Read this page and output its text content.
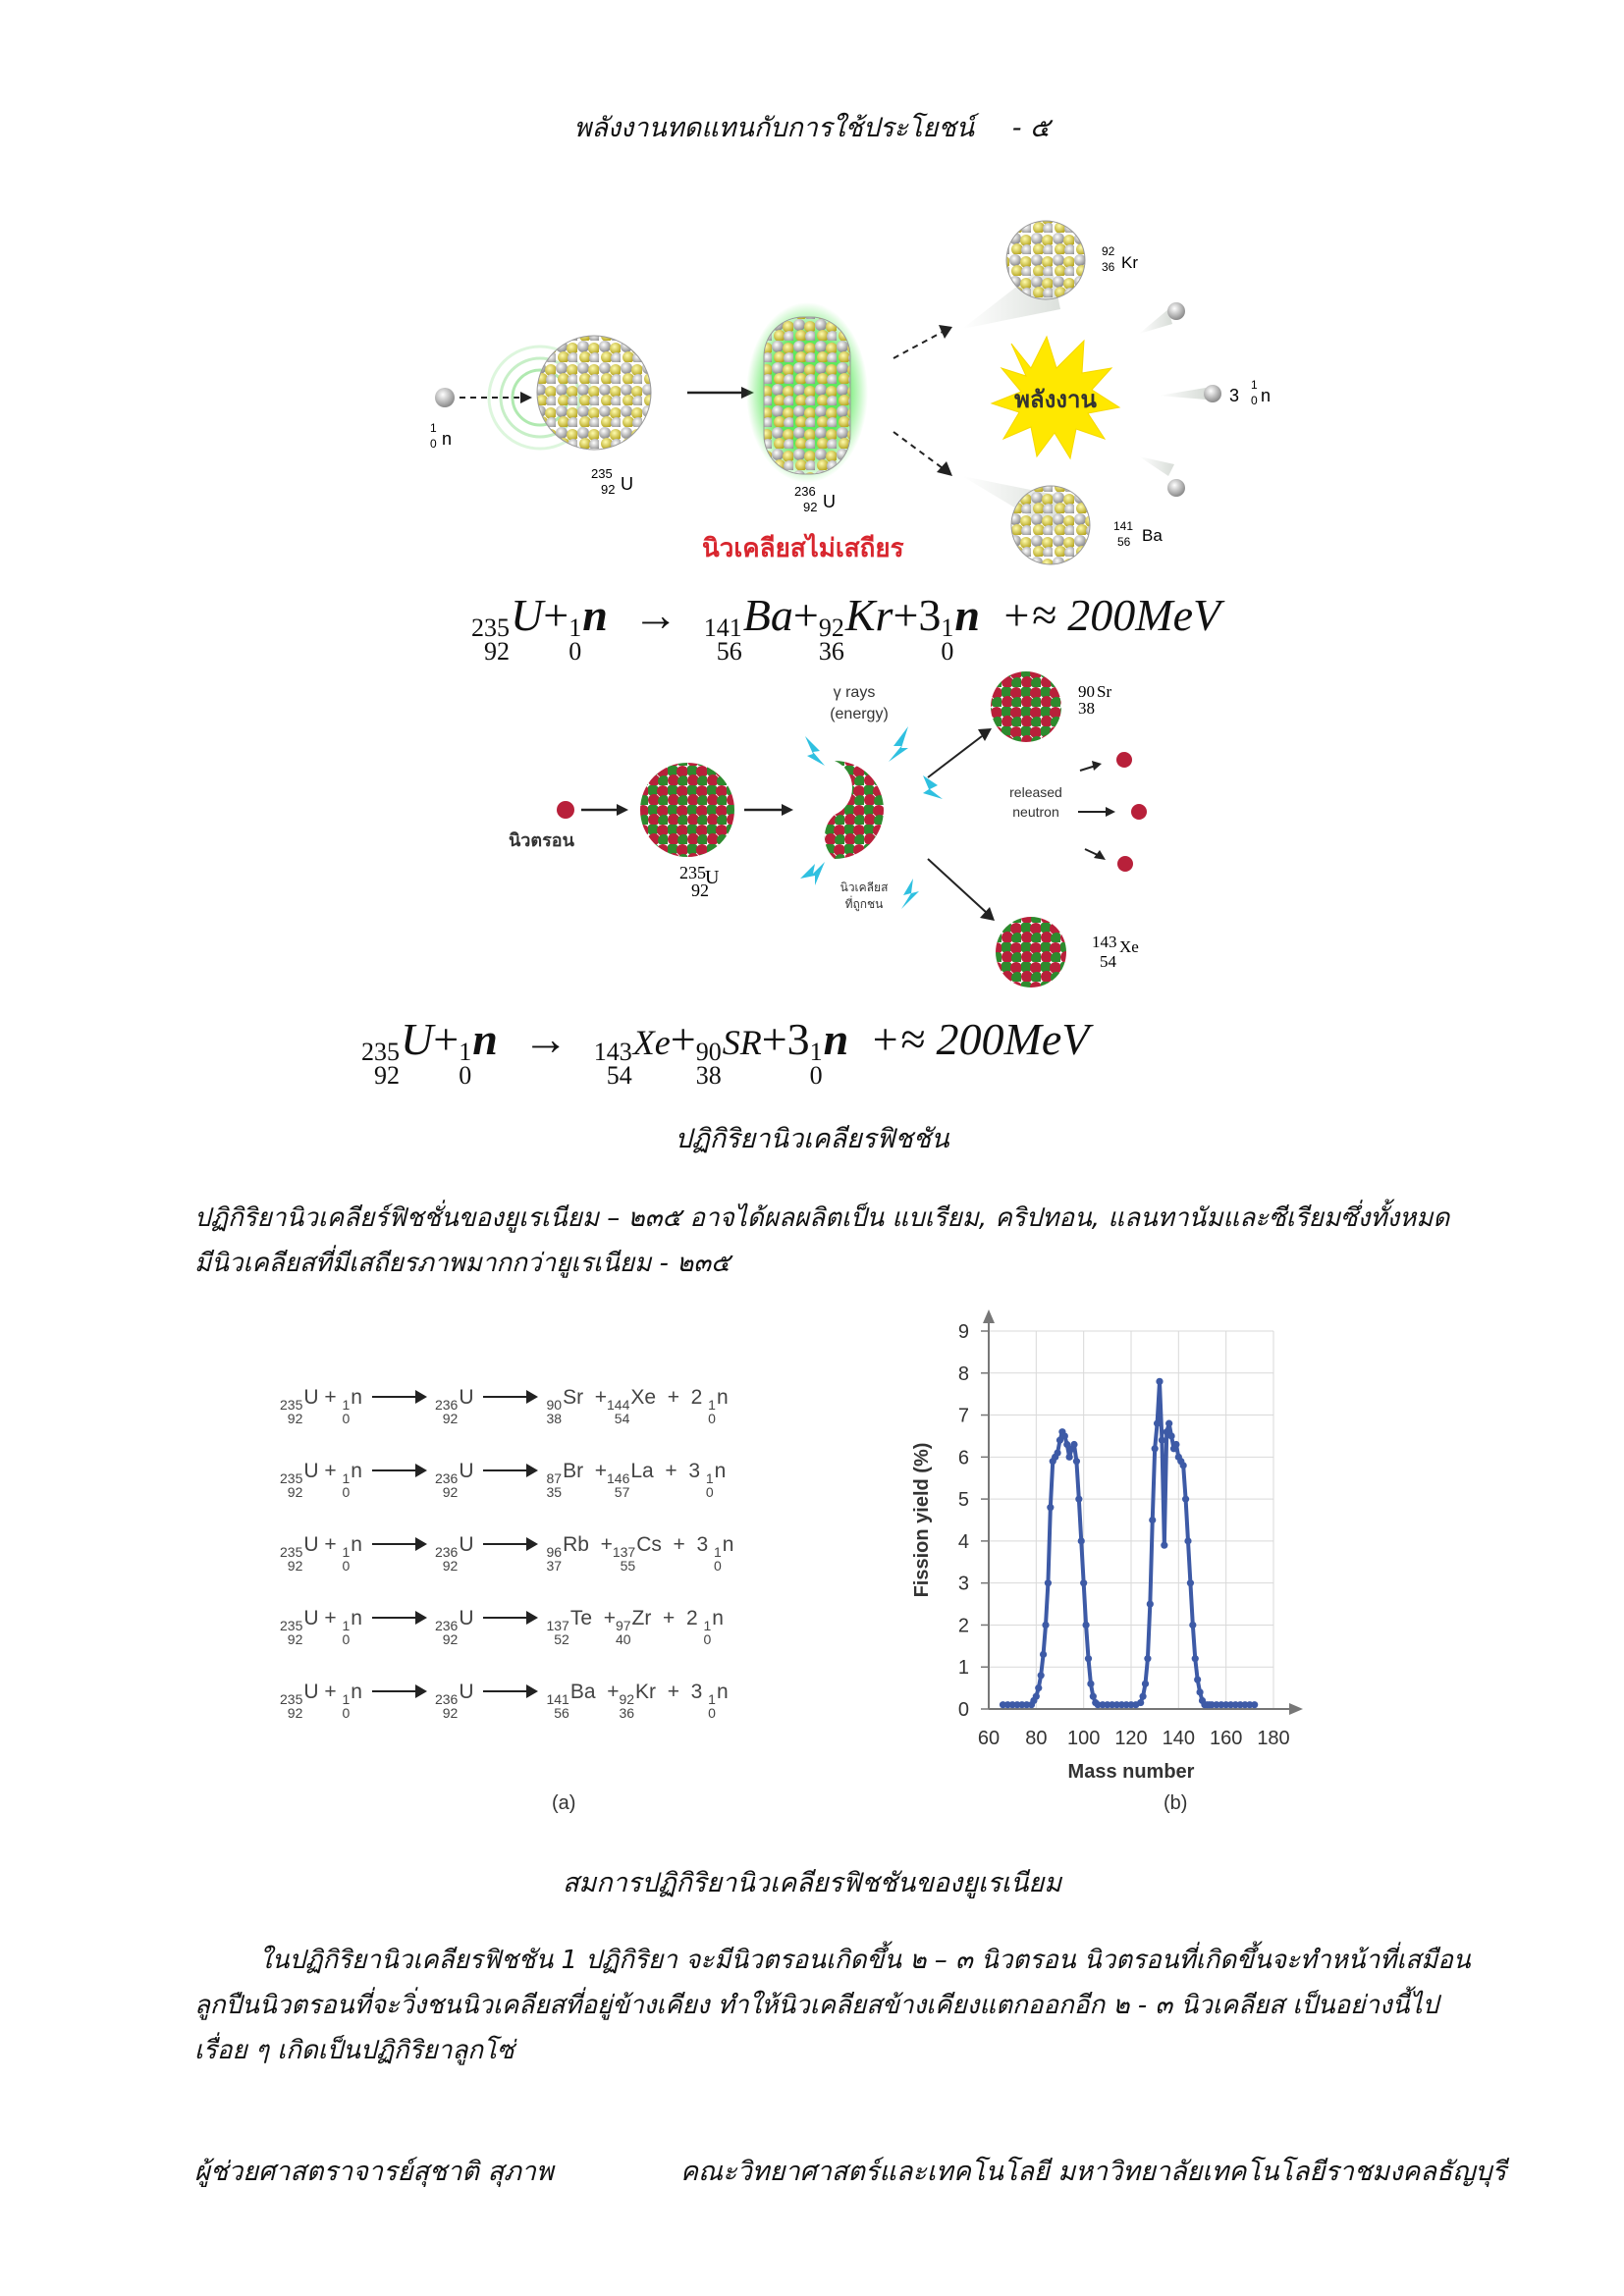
พลังงานทดแทนกับการใช้ประโยชน์ - ๕
1
0 n
235
92 U	236
92 U
นิวเคลียสไม่เสถียร
92
36 Kr
141
56 Ba
พลังงาน	3
1
0 n
235
92
U+ 1
0
n → 141
56
Ba+ 92
36
Kr+3 1
0
n +≈ 200MeV
นิวตรอน
235
92
U
γ rays
(energy)
นิวเคลียส
ที่ถูกชน
90 Sr
38
143 Xe
54
released
neutron
235
92
U+ 1
0
n → 143
54
Xe+ 90
38
SR+3 1
0
n +≈ 200MeV
ปฏิกิริยานิวเคลียรฟิชชัน
ปฏิกิริยานิวเคลียร์ฟิชชั่นของยูเรเนียม – ๒๓๕ อาจได้ผลผลิตเป็น แบเรียม, คริปทอน, แลนทานัมและซีเรียมซึ่งทั้งหมด
มีนิวเคลียสที่มีเสถียรภาพมากกว่ายูเรเนียม - ๒๓๕
235
92
U + 1
0
n	236
92
U	90
38
Sr  + 144
54
Xe  +  2 1
0
n
235
92
U + 1
0
n	236
92
U	87
35
Br  + 146
57
La  +  3 1
0
n
235
92
U + 1
0
n	236
92
U	96
37
Rb  + 137
55
Cs  +  3 1
0
n
235
92
U + 1
0
n	236
92
U	137
52
Te  + 97
40
Zr  +  2 1
0
n
235
92
U + 1
0
n	236
92
U	141
56
Ba  + 92
36
Kr  +  3 1
0
n
(a)
60 80 100 120 140 160 180
0
1
2
3
4
5
6
7
8
9
Mass number
Fission yield (%)
(b)
สมการปฏิกิริยานิวเคลียรฟิชชันของยูเรเนียม
ในปฏิกิริยานิวเคลียรฟิชชัน 1 ปฏิกิริยา จะมีนิวตรอนเกิดขึ้น ๒ – ๓ นิวตรอน นิวตรอนที่เกิดขึ้นจะทำหน้าที่เสมือน
ลูกปืนนิวตรอนที่จะวิ่งชนนิวเคลียสที่อยู่ข้างเคียง ทำให้นิวเคลียสข้างเคียงแตกออกอีก ๒ - ๓ นิวเคลียส เป็นอย่างนี้ไป
เรื่อย ๆ เกิดเป็นปฏิกิริยาลูกโซ่
ผู้ช่วยศาสตราจารย์สุชาติ สุภาพ	คณะวิทยาศาสตร์และเทคโนโลยี มหาวิทยาลัยเทคโนโลยีราชมงคลธัญบุรี
